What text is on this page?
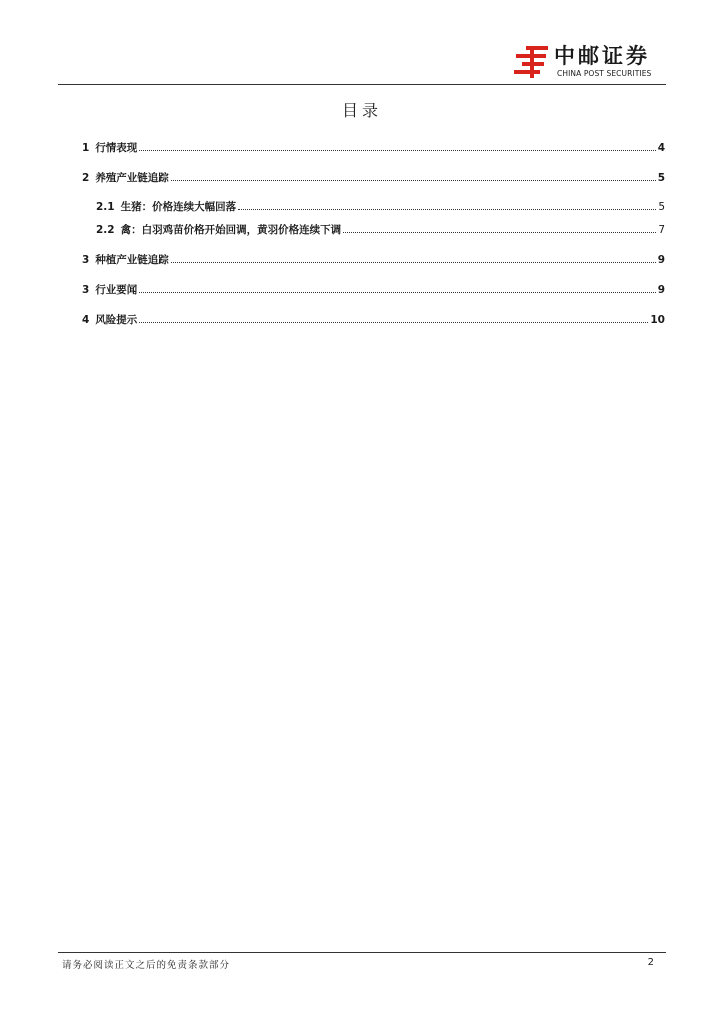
中邮证券
CHINA POST SECURITIES
目录
1 行情表现	4
2 养殖产业链追踪	5
2.1 生猪：价格连续大幅回落	5
2.2 禽：白羽鸡苗价格开始回调，黄羽价格连续下调	7
3 种植产业链追踪	9
3 行业要闻	9
4 风险提示	10
请务必阅读正文之后的免责条款部分	2
